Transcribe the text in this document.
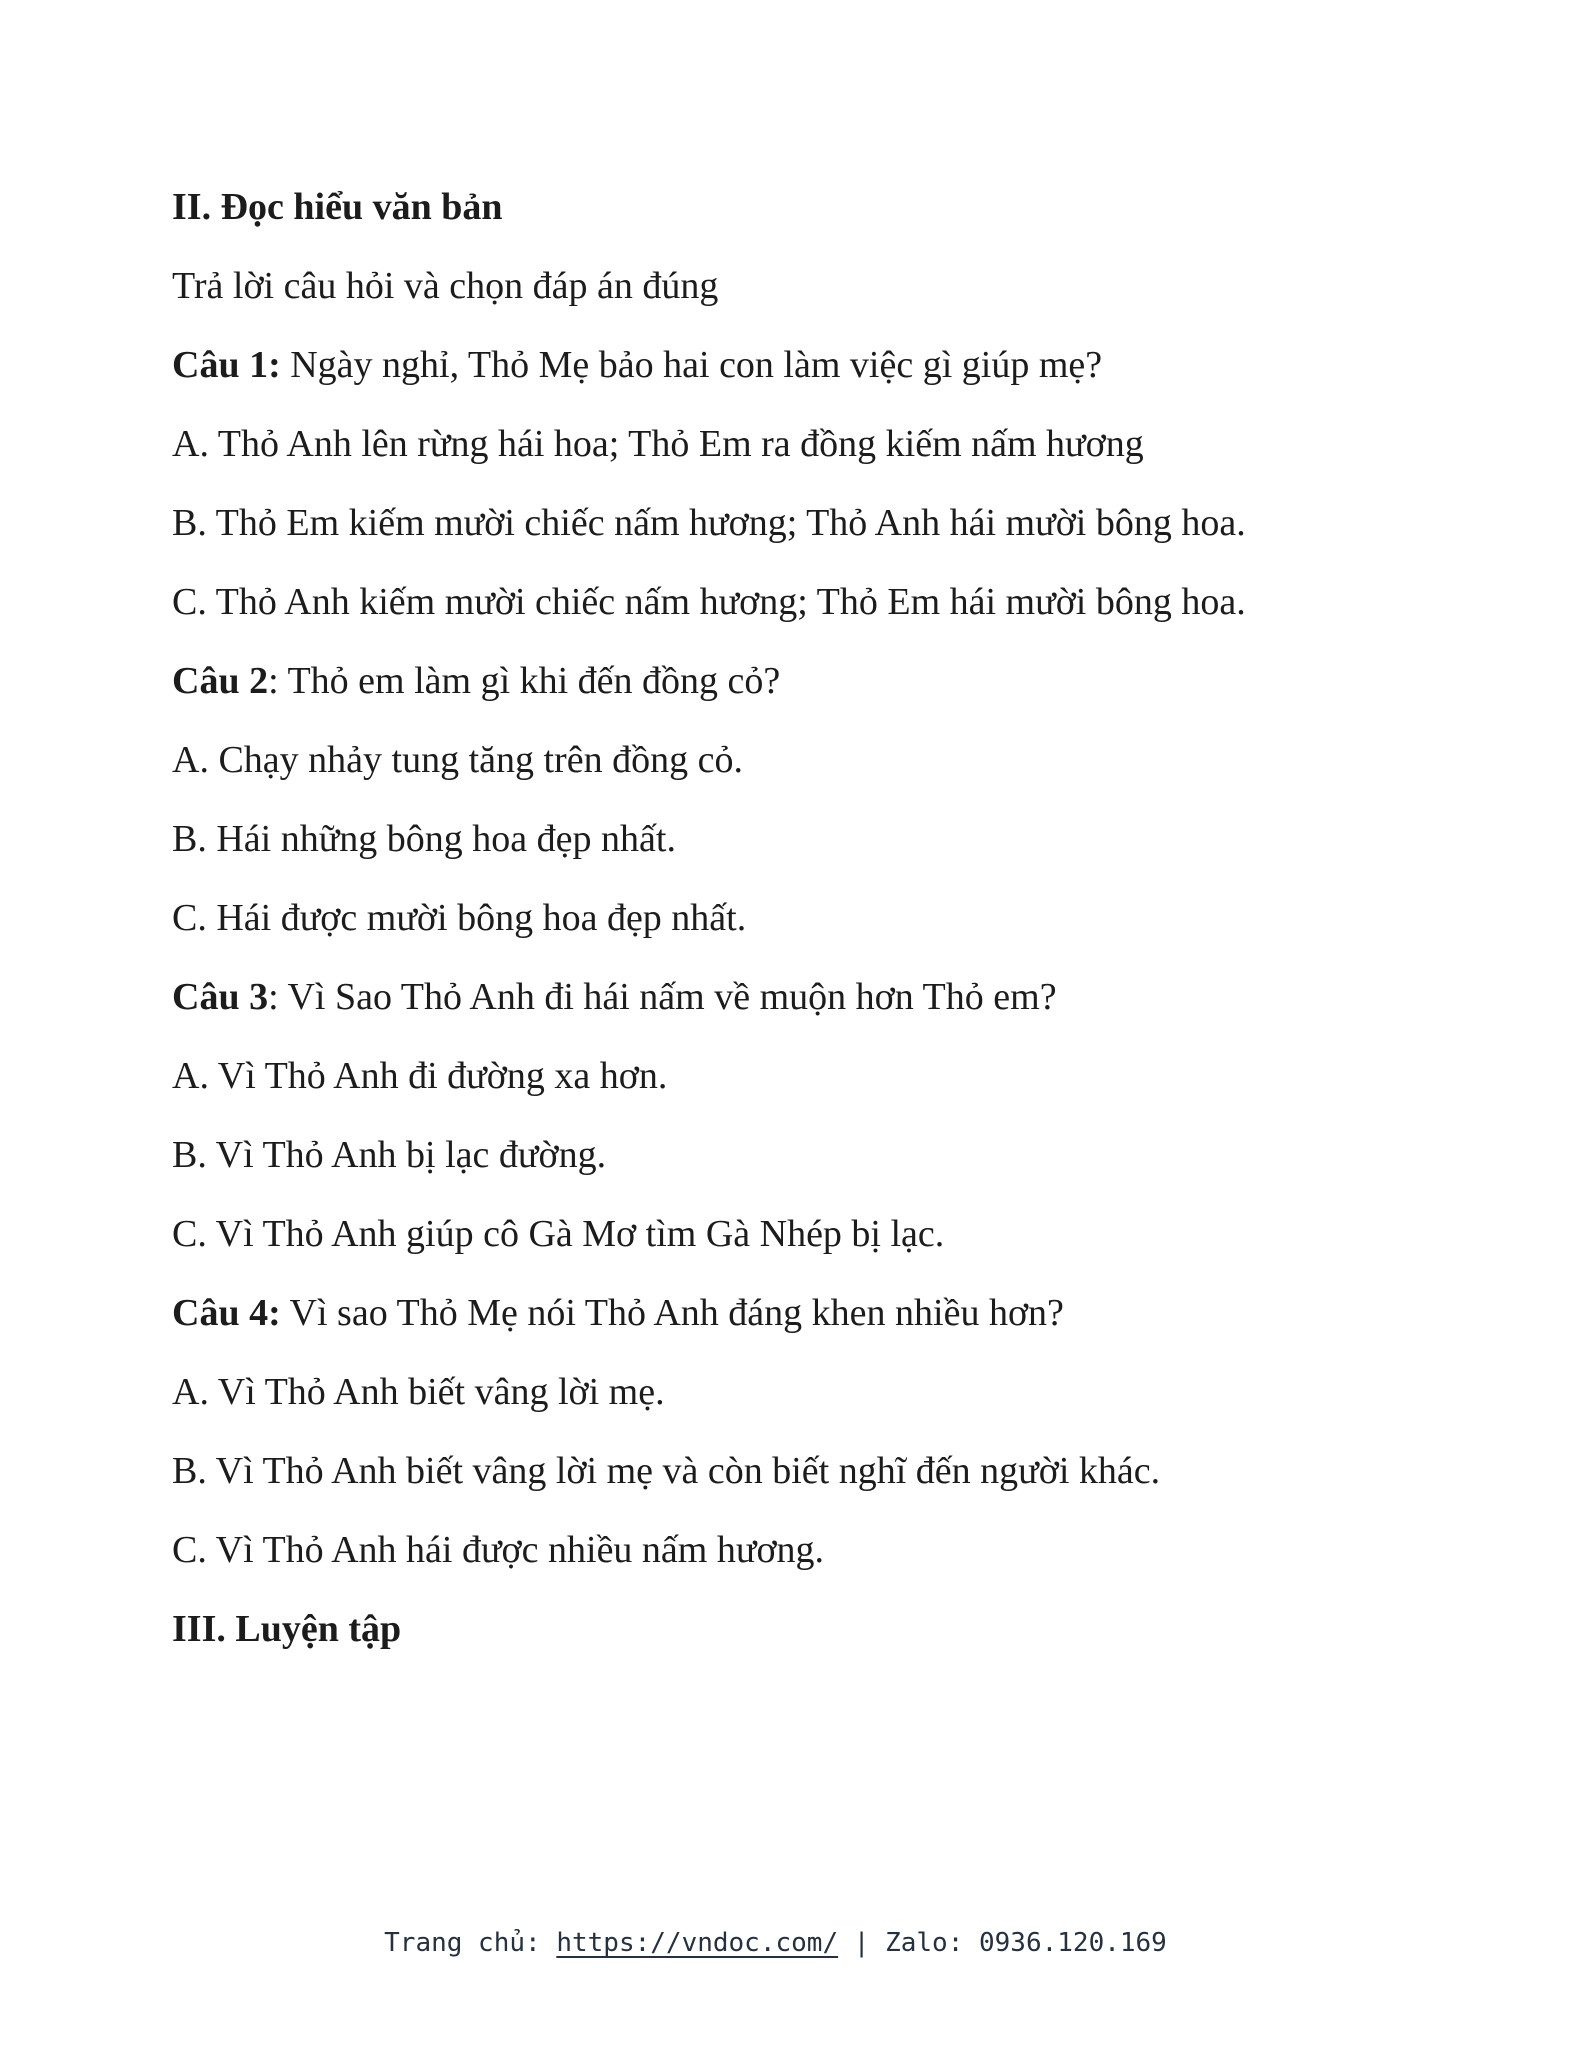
II. Đọc hiểu văn bản

Trả lời câu hỏi và chọn đáp án đúng

Câu 1: Ngày nghỉ, Thỏ Mẹ bảo hai con làm việc gì giúp mẹ?

A. Thỏ Anh lên rừng hái hoa; Thỏ Em ra đồng kiếm nấm hương

B. Thỏ Em kiếm mười chiếc nấm hương; Thỏ Anh hái mười bông hoa.

C. Thỏ Anh kiếm mười chiếc nấm hương; Thỏ Em hái mười bông hoa.

Câu 2: Thỏ em làm gì khi đến đồng cỏ?

A. Chạy nhảy tung tăng trên đồng cỏ.

B. Hái những bông hoa đẹp nhất.

C. Hái được mười bông hoa đẹp nhất.

Câu 3: Vì Sao Thỏ Anh đi hái nấm về muộn hơn Thỏ em?

A. Vì Thỏ Anh đi đường xa hơn.

B. Vì Thỏ Anh bị lạc đường.

C. Vì Thỏ Anh giúp cô Gà Mơ tìm Gà Nhép bị lạc.

Câu 4: Vì sao Thỏ Mẹ nói Thỏ Anh đáng khen nhiều hơn?

A. Vì Thỏ Anh biết vâng lời mẹ.

B. Vì Thỏ Anh biết vâng lời mẹ và còn biết nghĩ đến người khác.

C. Vì Thỏ Anh hái được nhiều nấm hương.

III. Luyện tập

Trang chủ: https://vndoc.com/ | Zalo: 0936.120.169
